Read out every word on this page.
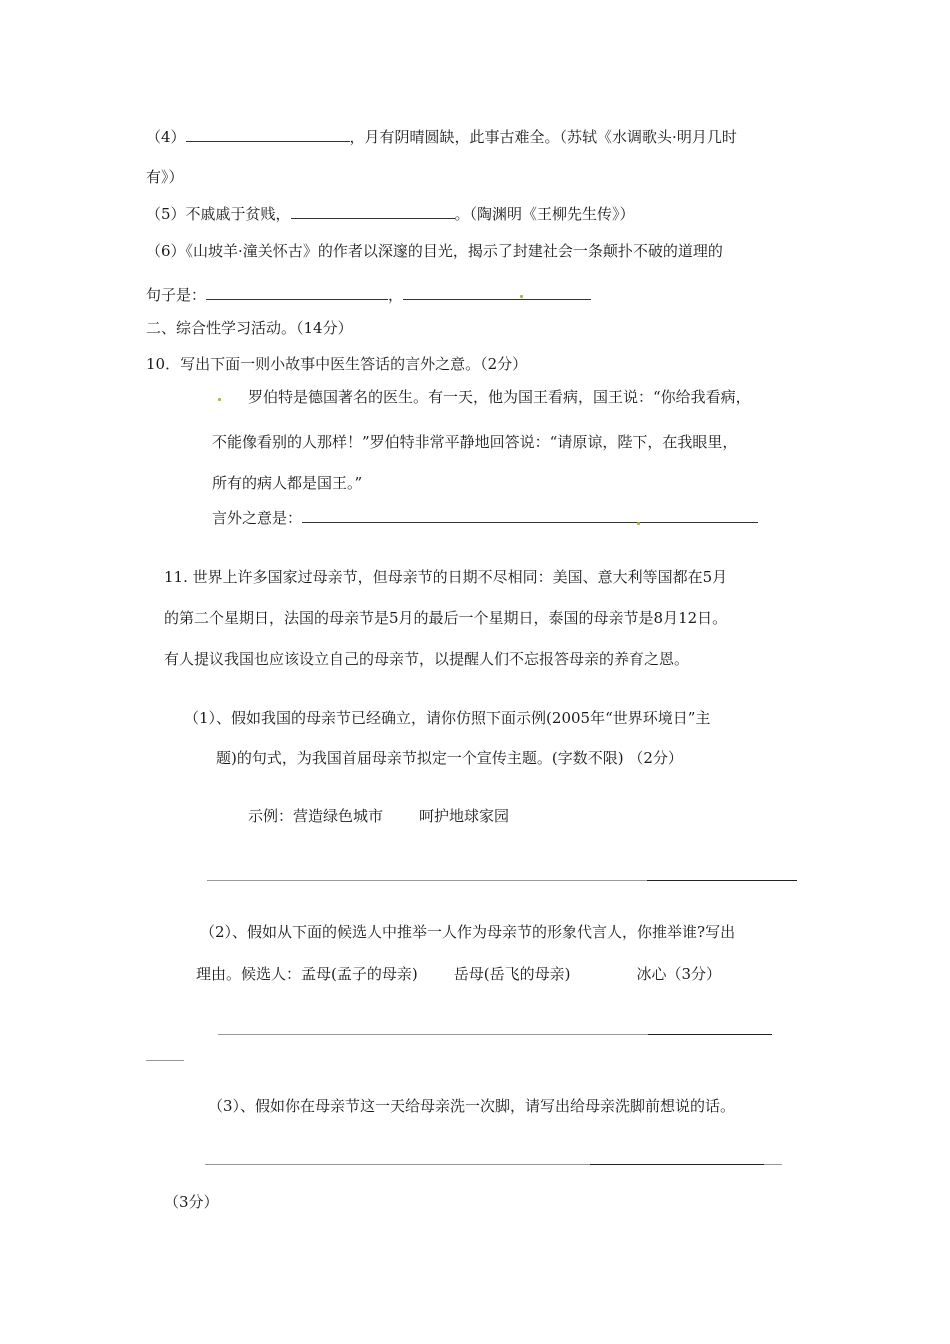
（4）	，月有阴晴圆缺，此事古难全。（苏轼《水调歌头·明月几时
有》）
（5）不戚戚于贫贱，	。（陶渊明《王柳先生传》）
（6）《山坡羊·潼关怀古》的作者以深邃的目光，揭示了封建社会一条颠扑不破的道理的
句子是：	，
二、综合性学习活动。（14分）
10．写出下面一则小故事中医生答话的言外之意。（2分）
罗伯特是德国著名的医生。有一天，他为国王看病，国王说：“你给我看病，
不能像看别的人那样！”罗伯特非常平静地回答说：“请原谅，陛下，在我眼里，
所有的病人都是国王。”
言外之意是：
11. 世界上许多国家过母亲节，但母亲节的日期不尽相同：美国、意大利等国都在5月
的第二个星期日，法国的母亲节是5月的最后一个星期日，泰国的母亲节是8月12日。
有人提议我国也应该设立自己的母亲节，以提醒人们不忘报答母亲的养育之恩。
（1）、假如我国的母亲节已经确立，请你仿照下面示例(2005年“世界环境日”主
题)的句式，为我国首届母亲节拟定一个宣传主题。(字数不限) （2分）
示例：营造绿色城市 呵护地球家园
（2）、假如从下面的候选人中推举一人作为母亲节的形象代言人，你推举谁?写出
理由。候选人：孟母(孟子的母亲) 岳母(岳飞的母亲)	冰心（3分）
（3）、假如你在母亲节这一天给母亲洗一次脚，请写出给母亲洗脚前想说的话。
（3分）
